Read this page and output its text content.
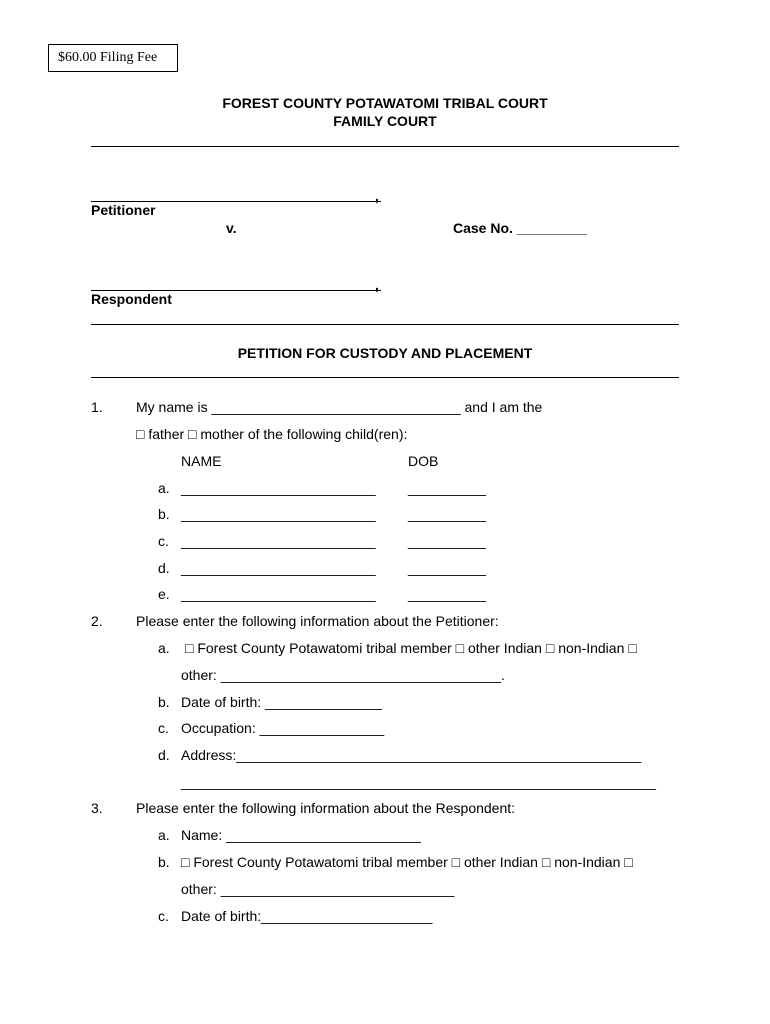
$60.00 Filing Fee
FOREST COUNTY POTAWATOMI TRIBAL COURT
FAMILY COURT
,
Petitioner
v.	Case No. _________
,
Respondent
PETITION FOR CUSTODY AND PLACEMENT
1. My name is ________________________________ and I am the
□ father □ mother of the following child(ren):
NAME	DOB
a. _________________________ __________
b. _________________________ __________
c. _________________________ __________
d. _________________________ __________
e. _________________________ __________
2. Please enter the following information about the Petitioner:
a. □ Forest County Potawatomi tribal member □ other Indian □ non-Indian □
other: ____________________________________.
b. Date of birth: _______________
c. Occupation: ________________
d. Address:____________________________________________________
_____________________________________________________________
3. Please enter the following information about the Respondent:
a. Name: _________________________
b. □ Forest County Potawatomi tribal member □ other Indian □ non-Indian □
other: ______________________________
c. Date of birth:______________________
